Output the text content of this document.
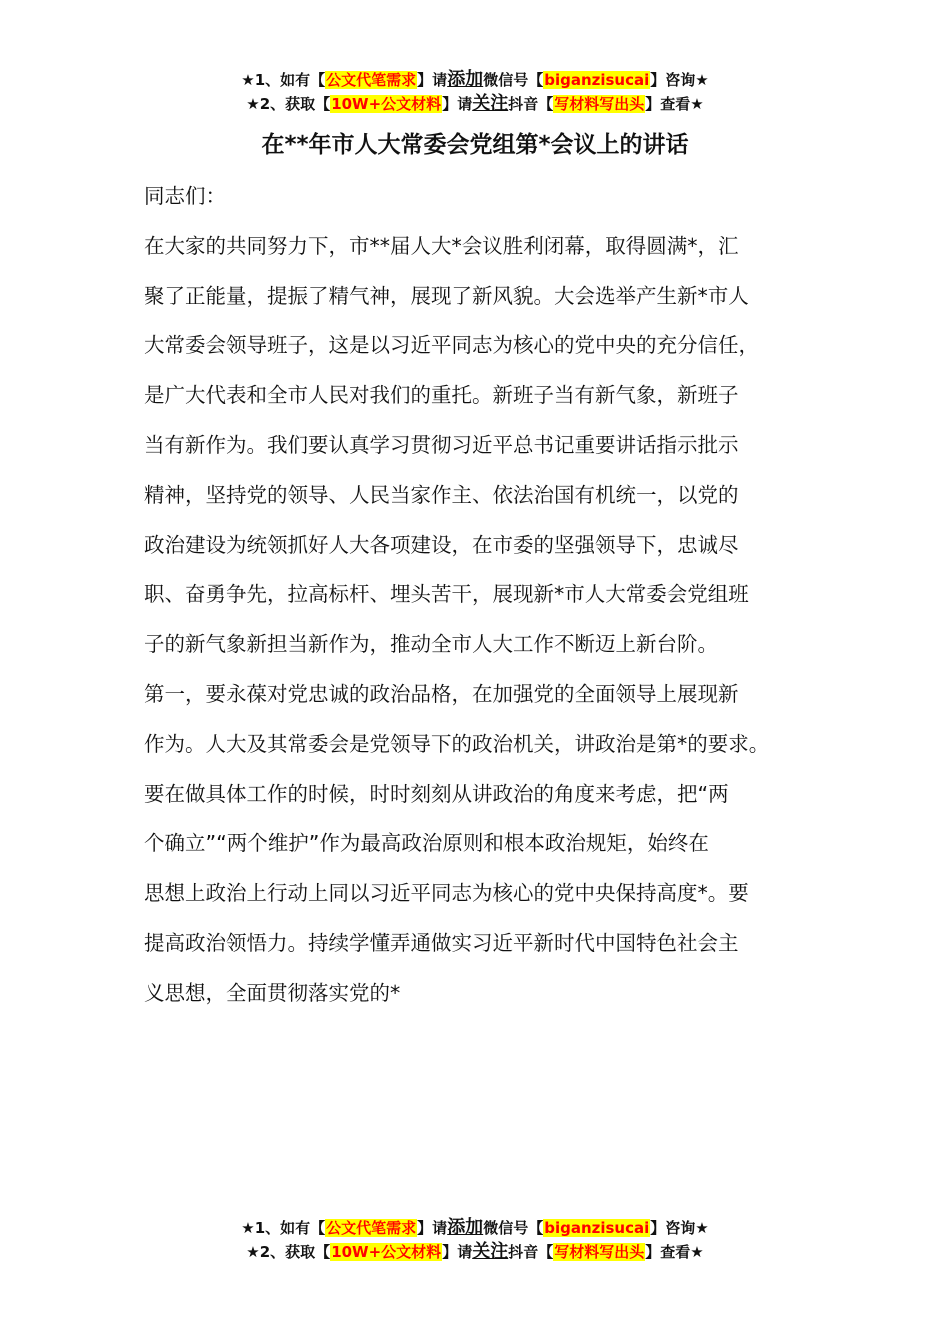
★1、如有【公文代笔需求】请添加微信号【biganzisucai】咨询★
★2、获取【10W+公文材料】请关注抖音【写材料写出头】查看★
在**年市人大常委会党组第*会议上的讲话

同志们：

在大家的共同努力下，市**届人大*会议胜利闭幕，取得圆满*，汇
聚了正能量，提振了精气神，展现了新风貌。大会选举产生新*市人
大常委会领导班子，这是以习近平同志为核心的党中央的充分信任，
是广大代表和全市人民对我们的重托。新班子当有新气象，新班子
当有新作为。我们要认真学习贯彻习近平总书记重要讲话指示批示
精神，坚持党的领导、人民当家作主、依法治国有机统一，以党的
政治建设为统领抓好人大各项建设，在市委的坚强领导下，忠诚尽
职、奋勇争先，拉高标杆、埋头苦干，展现新*市人大常委会党组班
子的新气象新担当新作为，推动全市人大工作不断迈上新台阶。

第一，要永葆对党忠诚的政治品格，在加强党的全面领导上展现新
作为。人大及其常委会是党领导下的政治机关，讲政治是第*的要求。
要在做具体工作的时候，时时刻刻从讲政治的角度来考虑，把“两
个确立”“两个维护”作为最高政治原则和根本政治规矩，始终在
思想上政治上行动上同以习近平同志为核心的党中央保持高度*。要
提高政治领悟力。持续学懂弄通做实习近平新时代中国特色社会主
义思想，全面贯彻落实党的*

★1、如有【公文代笔需求】请添加微信号【biganzisucai】咨询★
★2、获取【10W+公文材料】请关注抖音【写材料写出头】查看★
